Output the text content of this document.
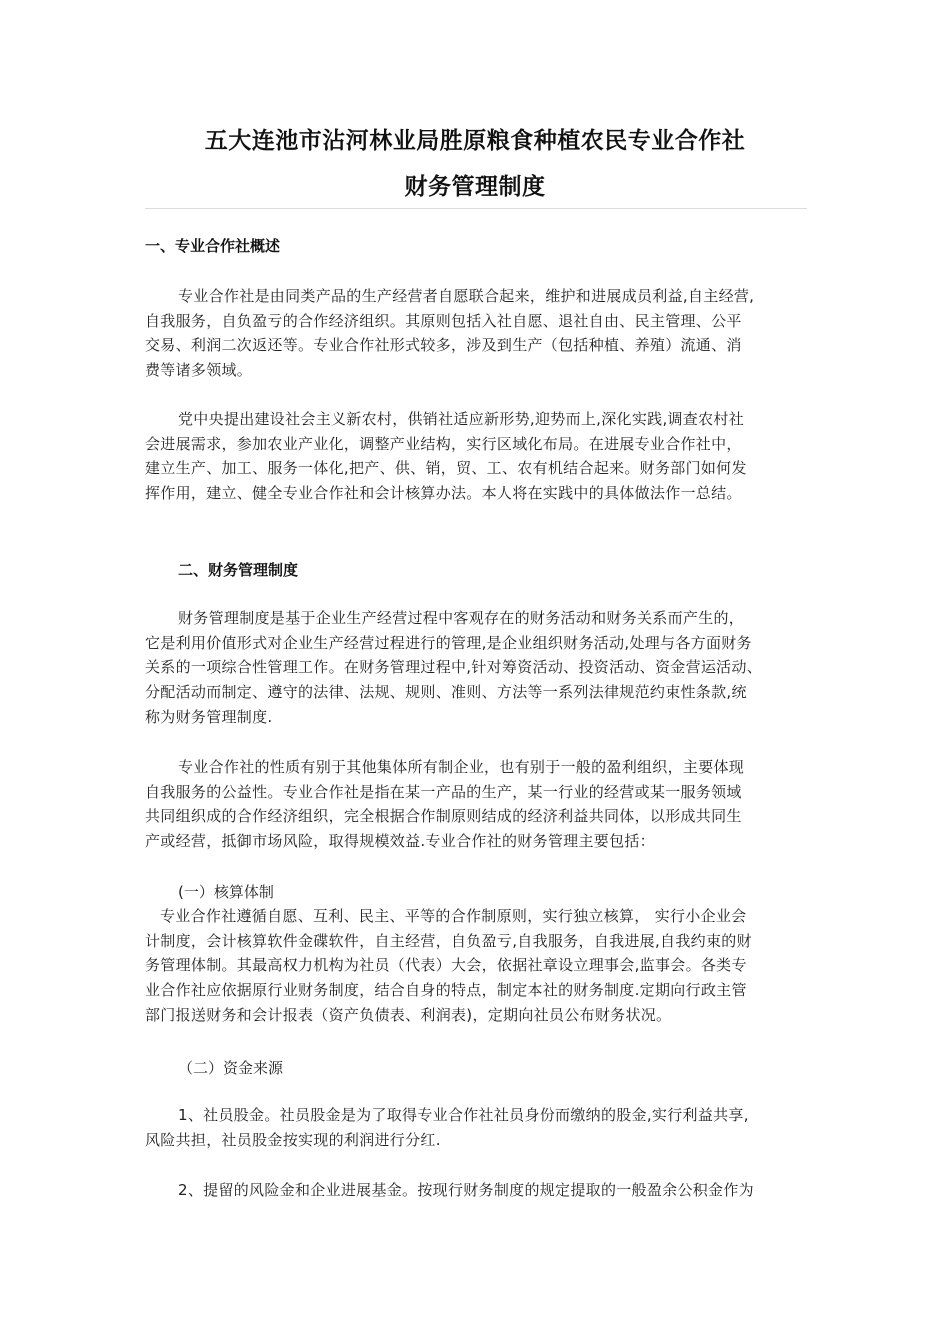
五大连池市沾河林业局胜原粮食种植农民专业合作社
财务管理制度
一、专业合作社概述
专业合作社是由同类产品的生产经营者自愿联合起来，维护和进展成员利益,自主经营,
自我服务，自负盈亏的合作经济组织。其原则包括入社自愿、退社自由、民主管理、公平
交易、利润二次返还等。专业合作社形式较多，涉及到生产（包括种植、养殖）流通、消
费等诸多领域。
党中央提出建设社会主义新农村，供销社适应新形势,迎势而上,深化实践,调查农村社
会进展需求，参加农业产业化，调整产业结构，实行区域化布局。在进展专业合作社中，
建立生产、加工、服务一体化,把产、供、销，贸、工、农有机结合起来。财务部门如何发
挥作用，建立、健全专业合作社和会计核算办法。本人将在实践中的具体做法作一总结。
二、财务管理制度
财务管理制度是基于企业生产经营过程中客观存在的财务活动和财务关系而产生的，
它是利用价值形式对企业生产经营过程进行的管理,是企业组织财务活动,处理与各方面财务
关系的一项综合性管理工作。在财务管理过程中,针对筹资活动、投资活动、资金营运活动、
分配活动而制定、遵守的法律、法规、规则、准则、方法等一系列法律规范约束性条款,统
称为财务管理制度.
专业合作社的性质有别于其他集体所有制企业，也有别于一般的盈利组织，主要体现
自我服务的公益性。专业合作社是指在某一产品的生产，某一行业的经营或某一服务领域
共同组织成的合作经济组织，完全根据合作制原则结成的经济利益共同体，以形成共同生
产或经营，抵御市场风险，取得规模效益.专业合作社的财务管理主要包括：
(一）核算体制
专业合作社遵循自愿、互利、民主、平等的合作制原则，实行独立核算， 实行小企业会
计制度，会计核算软件金碟软件，自主经营，自负盈亏,自我服务，自我进展,自我约束的财
务管理体制。其最高权力机构为社员（代表）大会，依据社章设立理事会,监事会。各类专
业合作社应依据原行业财务制度，结合自身的特点，制定本社的财务制度.定期向行政主管
部门报送财务和会计报表（资产负债表、利润表)，定期向社员公布财务状况。
（二）资金来源
1、社员股金。社员股金是为了取得专业合作社社员身份而缴纳的股金,实行利益共享,
风险共担，社员股金按实现的利润进行分红.
2、提留的风险金和企业进展基金。按现行财务制度的规定提取的一般盈余公积金作为
